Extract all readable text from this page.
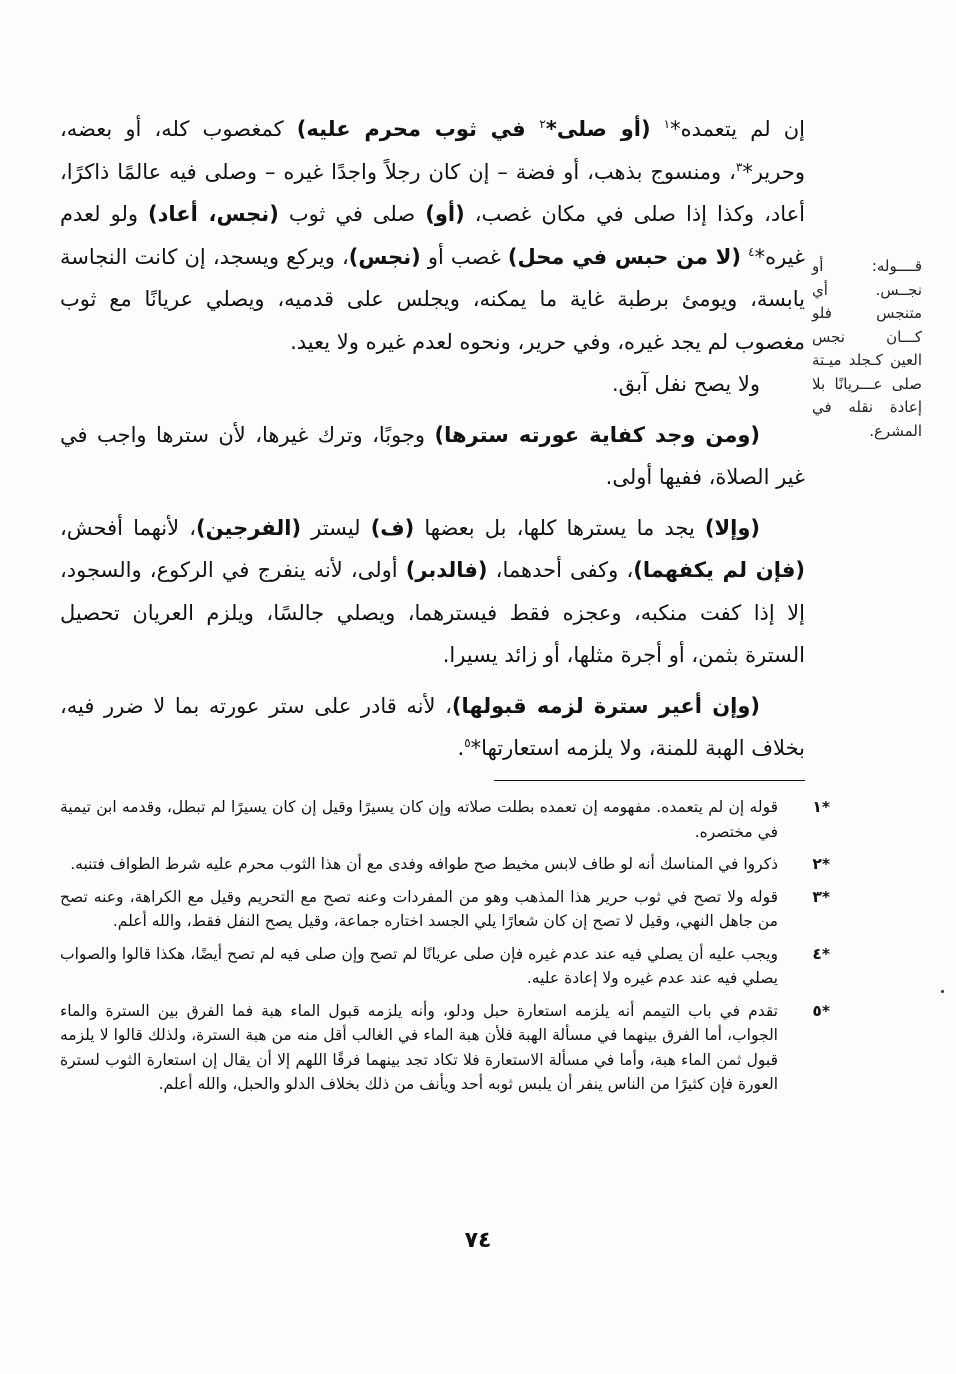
إن لم يتعمده*$^١$ (أو صلى*$^٢$ في ثوب محرم عليه) كمغصوب كله، أو بعضه، وحرير*$^٣$، ومنسوج بذهب، أو فضة – إن كان رجلاً واجدًا غيره – وصلى فيه عالمًا ذاكرًا، أعاد، وكذا إذا صلى في مكان غصب، (أو) صلى في ثوب (نجس، أعاد) ولو لعدم غيره*$^٤$ (لا من حبس في محل) غصب أو (نجس)، ويركع ويسجد، إن كانت النجاسة يابسة، ويومئ برطبة غاية ما يمكنه، ويجلس على قدميه، ويصلي عريانًا مع ثوب مغصوب لم يجد غيره، وفي حرير، ونحوه لعدم غيره ولا يعيد.

ولا يصح نفل آبق.

(ومن وجد كفاية عورته سترها) وجوبًا، وترك غيرها، لأن سترها واجب في غير الصلاة، ففيها أولى.

(وإلا) يجد ما يسترها كلها، بل بعضها (ف) ليستر (الفرجين)، لأنهما أفحش، (فإن لم يكفهما)، وكفى أحدهما، (فالدبر) أولى، لأنه ينفرج في الركوع، والسجود، إلا إذا كفت منكبه، وعجزه فقط فيسترهما، ويصلي جالسًا، ويلزم العريان تحصيل السترة بثمن، أو أجرة مثلها، أو زائد يسيرا.

(وإن أعير سترة لزمه قبولها)، لأنه قادر على ستر عورته بما لا ضرر فيه، بخلاف الهبة للمنة، ولا يلزمه استعارتها*$^٥$.

قــــوله: أو نجــس. أي متنجس فلو كـــان نجس العين كـجلد ميـتة صلى عـــريانًا بلا إعادة نقله في المشرع.
*١
قوله إن لم يتعمده. مفهومه إن تعمده بطلت صلاته وإن كان يسيرًا وقيل إن كان يسيرًا لم تبطل، وقدمه ابن تيمية في مختصره.
*٢
ذكروا في المناسك أنه لو طاف لابس مخيط صح طوافه وفدى مع أن هذا الثوب محرم عليه شرط الطواف فتنبه.
*٣
قوله ولا تصح في ثوب حرير هذا المذهب وهو من المفردات وعنه تصح مع التحريم وقيل مع الكراهة، وعنه تصح من جاهل النهي، وقيل لا تصح إن كان شعارًا يلي الجسد اختاره جماعة، وقيل يصح النفل فقط، والله أعلم.
*٤
ويجب عليه أن يصلي فيه عند عدم غيره فإن صلى عريانًا لم تصح وإن صلى فيه لم تصح أيضًا، هكذا قالوا والصواب يصلي فيه عند عدم غيره ولا إعادة عليه.
*٥
تقدم في باب التيمم أنه يلزمه استعارة حبل ودلو، وأنه يلزمه قبول الماء هبة فما الفرق بين السترة والماء الجواب، أما الفرق بينهما في مسألة الهبة فلأن هبة الماء في الغالب أقل منه من هبة السترة، ولذلك قالوا لا يلزمه قبول ثمن الماء هبة، وأما في مسألة الاستعارة فلا تكاد تجد بينهما فرقًا اللهم إلا أن يقال إن استعارة الثوب لسترة العورة فإن كثيرًا من الناس ينفر أن يلبس ثوبه أحد ويأنف من ذلك بخلاف الدلو والحبل، والله أعلم.
٧٤
